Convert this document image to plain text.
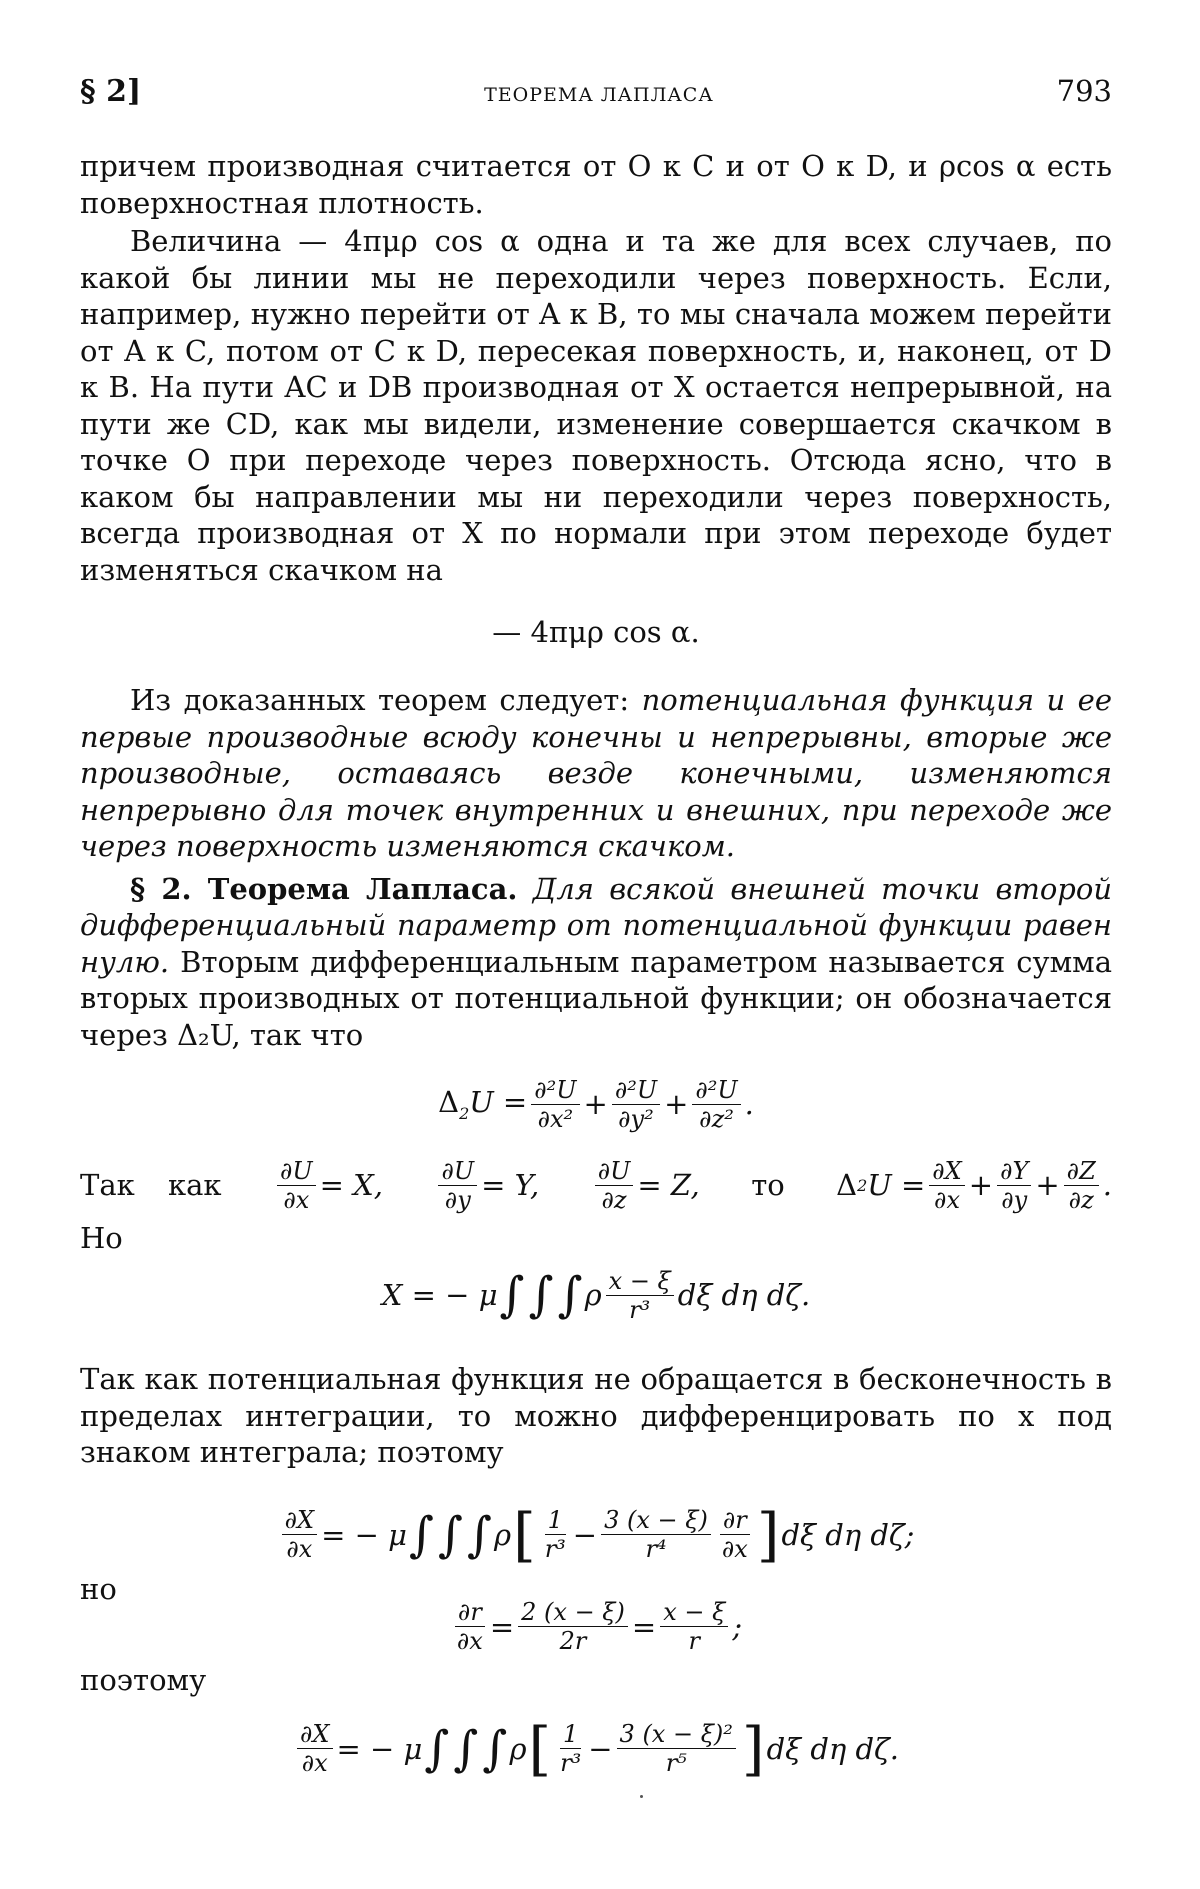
§ 2]	ТЕОРЕМА ЛАПЛАСА	793

причем производная считается от O к C и от O к D, и ρcos α есть поверхностная плотность.

Величина — 4πμρ cos α одна и та же для всех случаев, по какой бы линии мы не переходили через поверхность. Если, например, нужно перейти от A к B, то мы сначала можем перейти от A к C, потом от C к D, пересекая поверхность, и, наконец, от D к B. На пути AC и DB производная от X остается непрерывной, на пути же CD, как мы видели, изменение совершается скачком в точке O при переходе через поверхность. Отсюда ясно, что в каком бы направлении мы ни переходили через поверхность, всегда производная от X по нормали при этом переходе будет изменяться скачком на

— 4πμρ cos α.

Из доказанных теорем следует: потенциальная функция и ее первые производные всюду конечны и непрерывны, вторые же производные, оставаясь везде конечными, изменяются непрерывно для точек внутренних и внешних, при переходе же через поверхность изменяются скачком.

§ 2. Теорема Лапласа. Для всякой внешней точки второй дифференциальный параметр от потенциальной функции равен нулю. Вторым дифференциальным параметром называется сумма вторых производных от потенциальной функции; он обозначается через Δ₂U, так что

$\Delta_2U = \frac{\text{∂²U}}{\text{∂x²}} + \frac{\text{∂²U}}{\text{∂y²}} + \frac{\text{∂²U}}{\text{∂z²}}$ .
Так как $\frac{\partial U}{\partial x} = X$, $\frac{\partial U}{\partial y} = Y$, $\frac{\partial U}{\partial z} = Z$, то Δ 2 $U = \frac{\partial X}{\partial x} + \frac{\partial Y}{\partial y} + \frac{\partial Z}{\partial z}$ .
Но
X = − μ ∫ ∫ ∫ ρ $\frac{x - \xi}{\text{r³}}$ dξ dη dζ.

Так как потенциальная функция не обращается в бесконечность в пределах интеграции, то можно дифференцировать по x под знаком интеграла; поэтому

$\frac{\partial X}{\partial x}$ = − μ ∫ ∫ ∫ ρ [ $\frac{1}{\text{r³}} - \frac{3 (x - \xi)}{\text{r⁴}} \frac{\partial r}{\partial x}$ ] dξ dη dζ;
но
$\frac{\partial r}{\partial x} = \frac{2 (x - \xi)}{2r} = \frac{x - \xi}{r}$ ;
поэтому
$\frac{\partial X}{\partial x}$ = − μ ∫ ∫ ∫ ρ [ $\frac{1}{\text{r³}} - \frac{\text{3 (x − ξ)²}}{\text{r⁵}}$ ] dξ dη dζ.
